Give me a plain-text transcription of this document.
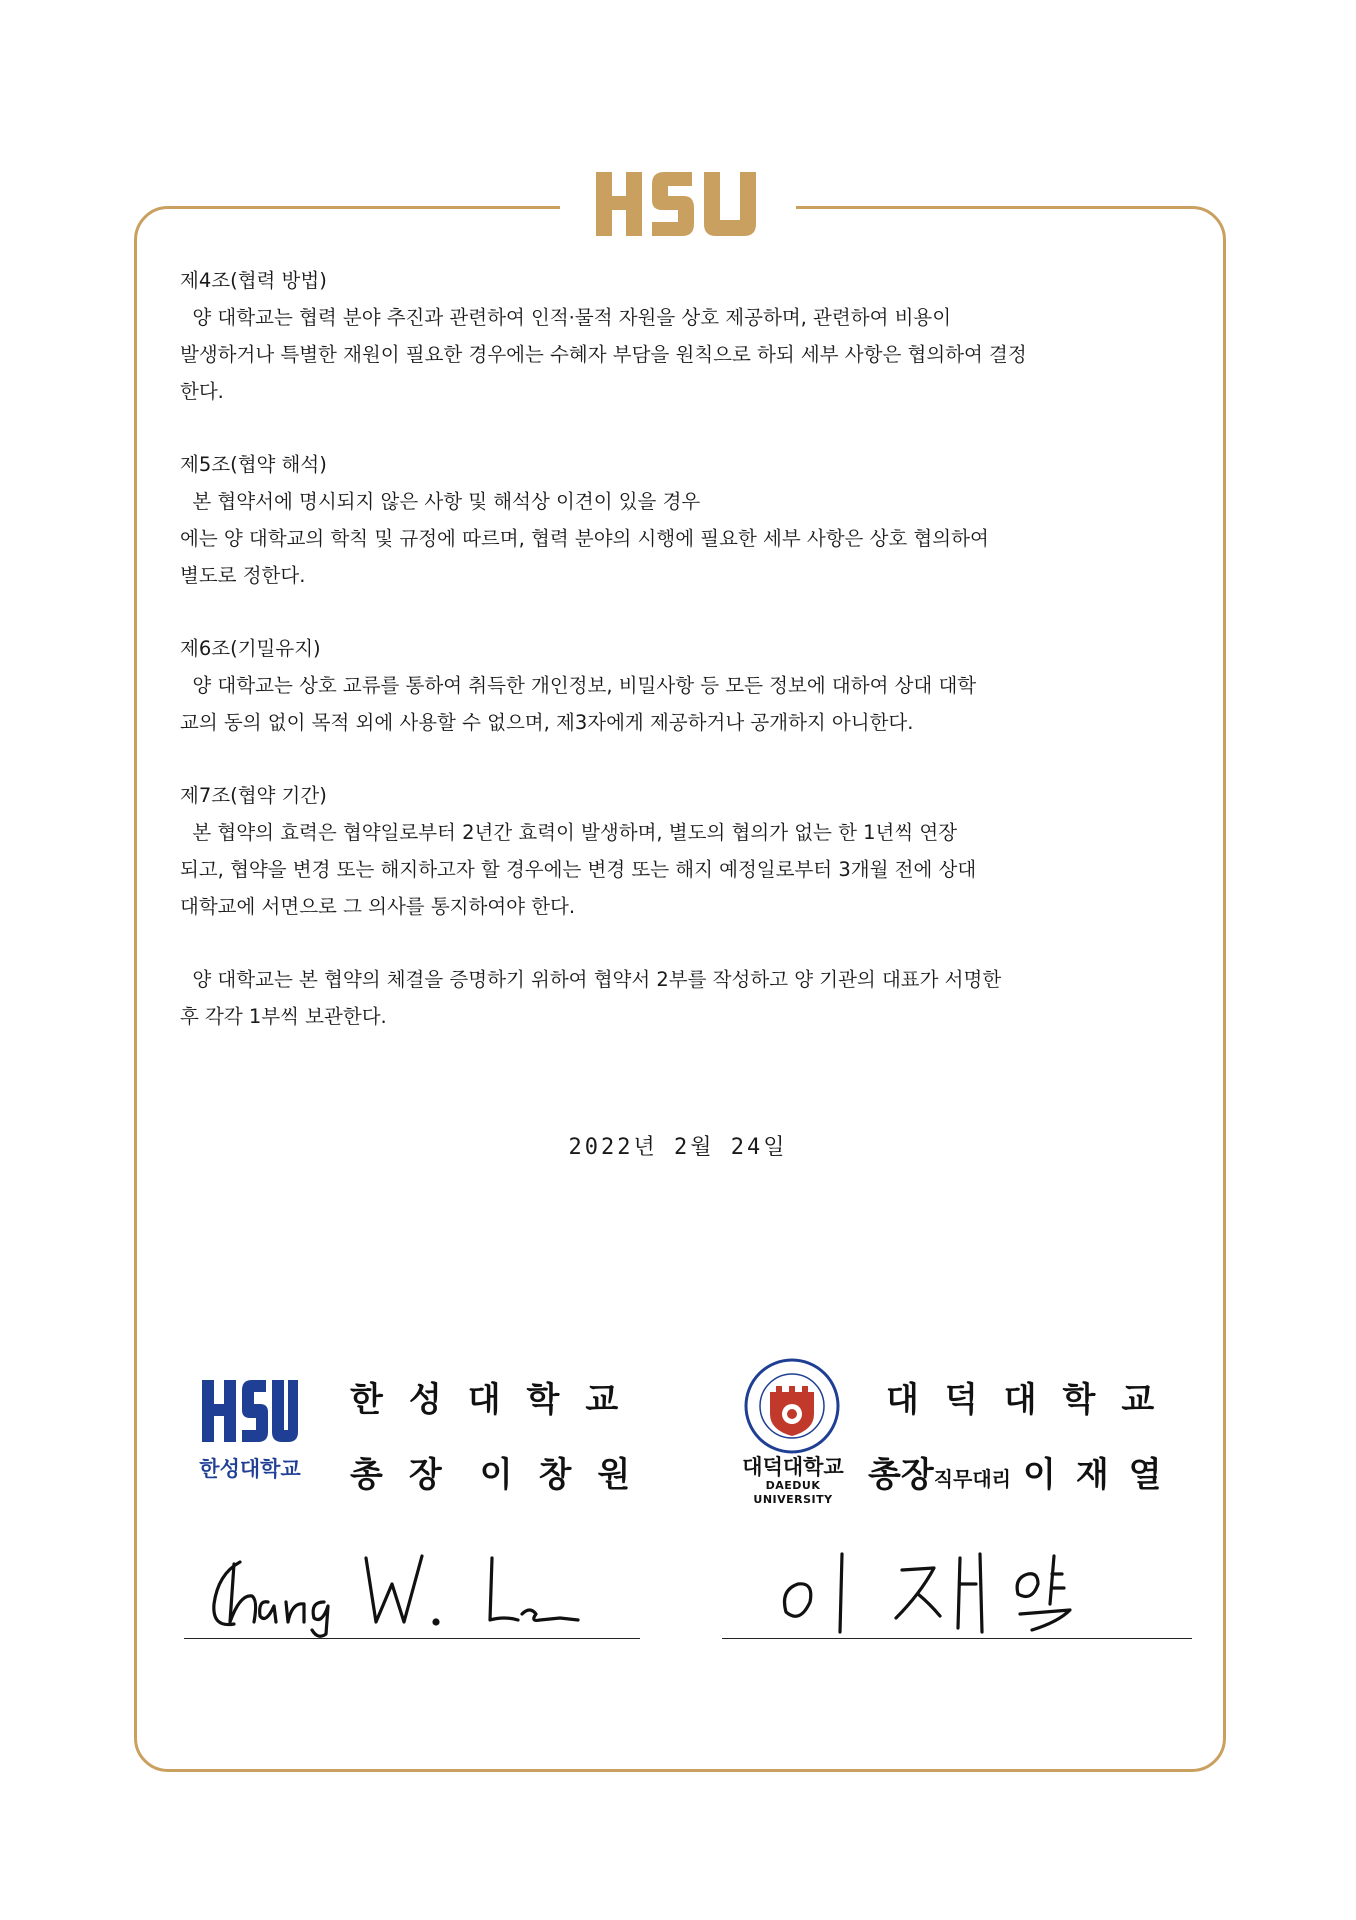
제4조(협력 방법)
양 대학교는 협력 분야 추진과 관련하여 인적·물적 자원을 상호 제공하며, 관련하여 비용이
발생하거나 특별한 재원이 필요한 경우에는 수혜자 부담을 원칙으로 하되 세부 사항은 협의하여 결정
한다.
제5조(협약 해석)
본 협약서에 명시되지 않은 사항 및 해석상 이견이 있을 경우
에는 양 대학교의 학칙 및 규정에 따르며, 협력 분야의 시행에 필요한 세부 사항은 상호 협의하여
별도로 정한다.
제6조(기밀유지)
양 대학교는 상호 교류를 통하여 취득한 개인정보, 비밀사항 등 모든 정보에 대하여 상대 대학
교의 동의 없이 목적 외에 사용할 수 없으며, 제3자에게 제공하거나 공개하지 아니한다.
제7조(협약 기간)
본 협약의 효력은 협약일로부터 2년간 효력이 발생하며, 별도의 협의가 없는 한 1년씩 연장
되고, 협약을 변경 또는 해지하고자 할 경우에는 변경 또는 해지 예정일로부터 3개월 전에 상대
대학교에 서면으로 그 의사를 통지하여야 한다.
양 대학교는 본 협약의 체결을 증명하기 위하여 협약서 2부를 작성하고 양 기관의 대표가 서명한
후 각각 1부씩 보관한다.
2022년 2월 24일
한성대학교
한성대학교
총장 이창원	대덕대학교
DAEDUK UNIVERSITY
대덕대학교
총장직무대리 이재열
